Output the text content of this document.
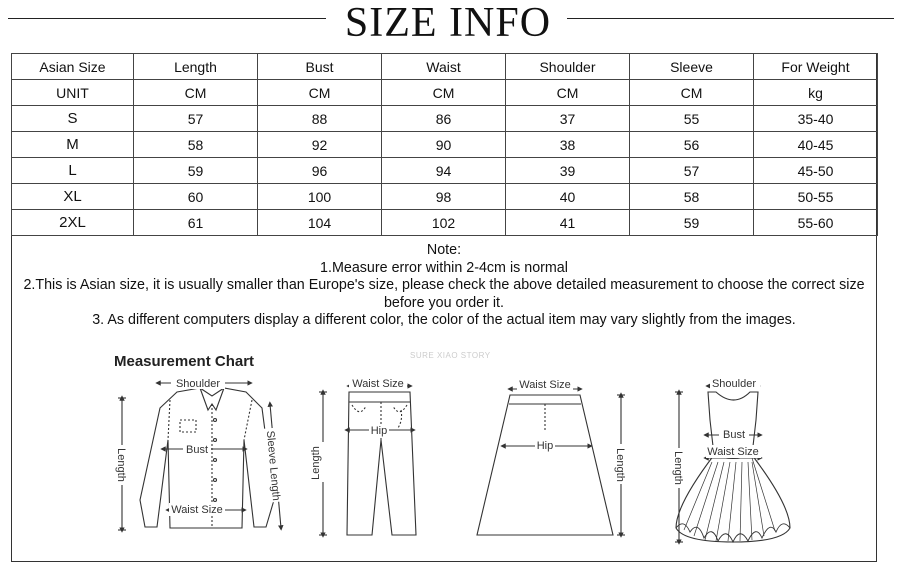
SIZE INFO
Asian Size	Length	Bust	Waist	Shoulder	Sleeve	For Weight
UNIT	CM	CM	CM	CM	CM	kg
S	57	88	86	37	55	35-40
M	58	92	90	38	56	40-45
L	59	96	94	39	57	45-50
XL	60	100	98	40	58	50-55
2XL	61	104	102	41	59	55-60
Note:
1.Measure error within 2-4cm is normal
2.This is Asian size, it is usually smaller than Europe's size, please check the above detailed measurement to choose the correct size before you order it.
3. As different computers display a different color, the color of the actual item may vary slightly from the images.
Measurement Chart	SURE XIAO STORY
Shoulder
Bust
Waist Size
Length	Sleeve Length
Waist Size
Hip
Length
Waist Size
Hip
Length
Shoulder
Bust
Waist Size
Length
